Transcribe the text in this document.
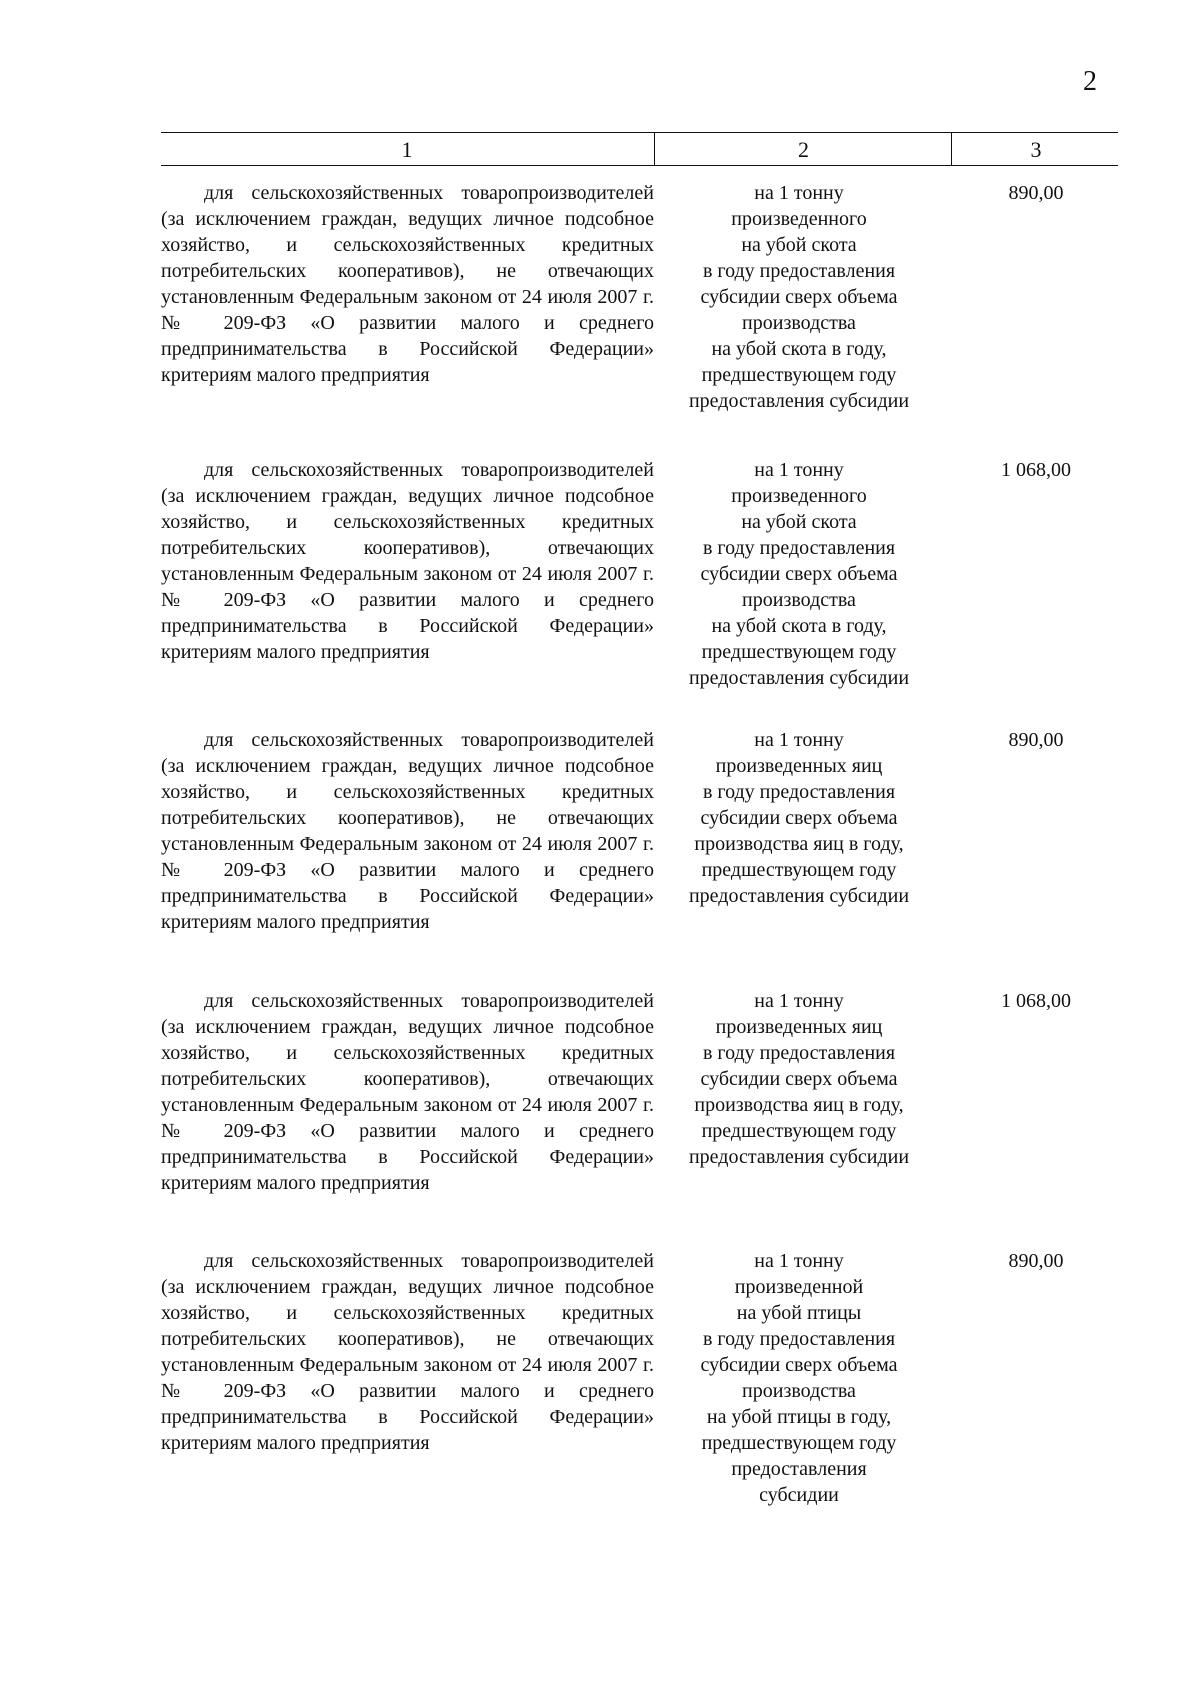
2
1	2	3
для сельскохозяйственных товаропроизводителей (за исключением граждан, ведущих личное подсобное хозяйство, и сельскохозяйственных кредитных потребительских кооперативов), не отвечающих установленным Федеральным законом от 24 июля 2007 г. № 209-ФЗ «О развитии малого и среднего предпринимательства в Российской Федерации» критериям малого предприятия
на 1 тонну
произведенного
на убой скота
в году предоставления
субсидии сверх объема
производства
на убой скота в году,
предшествующем году
предоставления субсидии
890,00
для сельскохозяйственных товаропроизводителей (за исключением граждан, ведущих личное подсобное хозяйство, и сельскохозяйственных кредитных потребительских кооперативов), отвечающих установленным Федеральным законом от 24 июля 2007 г. № 209-ФЗ «О развитии малого и среднего предпринимательства в Российской Федерации» критериям малого предприятия
на 1 тонну
произведенного
на убой скота
в году предоставления
субсидии сверх объема
производства
на убой скота в году,
предшествующем году
предоставления субсидии
1 068,00
для сельскохозяйственных товаропроизводителей (за исключением граждан, ведущих личное подсобное хозяйство, и сельскохозяйственных кредитных потребительских кооперативов), не отвечающих установленным Федеральным законом от 24 июля 2007 г. № 209-ФЗ «О развитии малого и среднего предпринимательства в Российской Федерации» критериям малого предприятия
на 1 тонну
произведенных яиц
в году предоставления
субсидии сверх объема
производства яиц в году,
предшествующем году
предоставления субсидии
890,00
для сельскохозяйственных товаропроизводителей (за исключением граждан, ведущих личное подсобное хозяйство, и сельскохозяйственных кредитных потребительских кооперативов), отвечающих установленным Федеральным законом от 24 июля 2007 г. № 209-ФЗ «О развитии малого и среднего предпринимательства в Российской Федерации» критериям малого предприятия
на 1 тонну
произведенных яиц
в году предоставления
субсидии сверх объема
производства яиц в году,
предшествующем году
предоставления субсидии
1 068,00
для сельскохозяйственных товаропроизводителей (за исключением граждан, ведущих личное подсобное хозяйство, и сельскохозяйственных кредитных потребительских кооперативов), не отвечающих установленным Федеральным законом от 24 июля 2007 г. № 209-ФЗ «О развитии малого и среднего предпринимательства в Российской Федерации» критериям малого предприятия
на 1 тонну
произведенной
на убой птицы
в году предоставления
субсидии сверх объема
производства
на убой птицы в году,
предшествующем году
предоставления
субсидии
890,00
